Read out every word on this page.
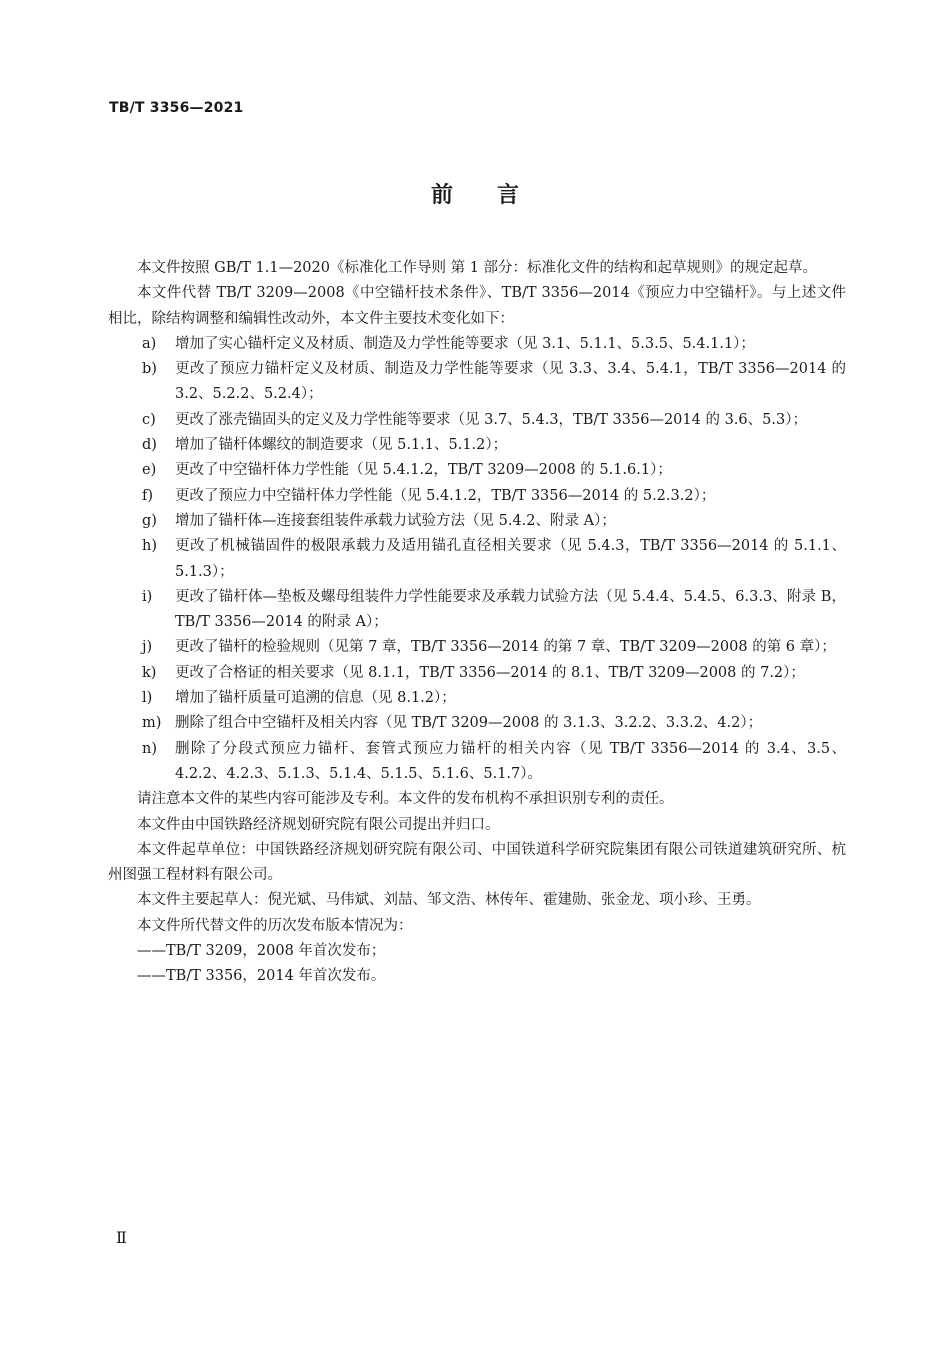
TB/T 3356—2021
前言

本文件按照 GB/T 1.1—2020《标准化工作导则 第 1 部分：标准化文件的结构和起草规则》的规定起草。

本文件代替 TB/T 3209—2008《中空锚杆技术条件》、TB/T 3356—2014《预应力中空锚杆》。与上述文件相比，除结构调整和编辑性改动外，本文件主要技术变化如下：

a) 增加了实心锚杆定义及材质、制造及力学性能等要求（见 3.1、5.1.1、5.3.5、5.4.1.1）；

b) 更改了预应力锚杆定义及材质、制造及力学性能等要求（见 3.3、3.4、5.4.1，TB/T 3356—2014 的 3.2、5.2.2、5.2.4）；

c) 更改了涨壳锚固头的定义及力学性能等要求（见 3.7、5.4.3，TB/T 3356—2014 的 3.6、5.3）；

d) 增加了锚杆体螺纹的制造要求（见 5.1.1、5.1.2）；

e) 更改了中空锚杆体力学性能（见 5.4.1.2，TB/T 3209—2008 的 5.1.6.1）；

f) 更改了预应力中空锚杆体力学性能（见 5.4.1.2，TB/T 3356—2014 的 5.2.3.2）；

g) 增加了锚杆体—连接套组装件承载力试验方法（见 5.4.2、附录 A）；

h) 更改了机械锚固件的极限承载力及适用锚孔直径相关要求（见 5.4.3，TB/T 3356—2014 的 5.1.1、5.1.3）；

i) 更改了锚杆体—垫板及螺母组装件力学性能要求及承载力试验方法（见 5.4.4、5.4.5、6.3.3、附录 B，TB/T 3356—2014 的附录 A）；

j) 更改了锚杆的检验规则（见第 7 章，TB/T 3356—2014 的第 7 章、TB/T 3209—2008 的第 6 章）；

k) 更改了合格证的相关要求（见 8.1.1，TB/T 3356—2014 的 8.1、TB/T 3209—2008 的 7.2）；

l) 增加了锚杆质量可追溯的信息（见 8.1.2）；

m) 删除了组合中空锚杆及相关内容（见 TB/T 3209—2008 的 3.1.3、3.2.2、3.3.2、4.2）；

n) 删除了分段式预应力锚杆、套管式预应力锚杆的相关内容（见 TB/T 3356—2014 的 3.4、3.5、4.2.2、4.2.3、5.1.3、5.1.4、5.1.5、5.1.6、5.1.7）。

请注意本文件的某些内容可能涉及专利。本文件的发布机构不承担识别专利的责任。

本文件由中国铁路经济规划研究院有限公司提出并归口。

本文件起草单位：中国铁路经济规划研究院有限公司、中国铁道科学研究院集团有限公司铁道建筑研究所、杭州图强工程材料有限公司。

本文件主要起草人：倪光斌、马伟斌、刘喆、邹文浩、林传年、霍建勋、张金龙、项小珍、王勇。

本文件所代替文件的历次发布版本情况为：

——TB/T 3209，2008 年首次发布；

——TB/T 3356，2014 年首次发布。

Ⅱ
